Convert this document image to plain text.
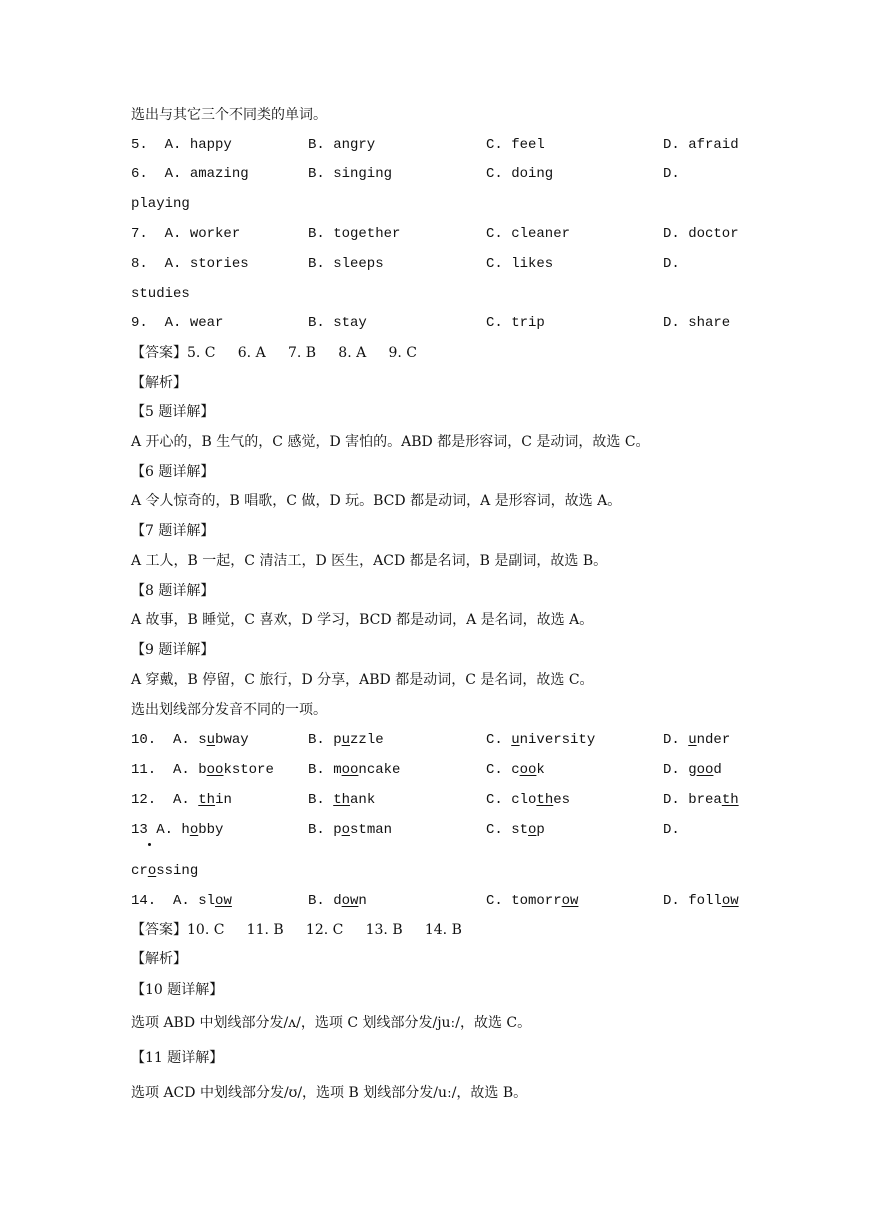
选出与其它三个不同类的单词。
5. A. happy	B. angry	C. feel	D. afraid
6. A. amazing	B. singing	C. doing	D.
playing
7. A. worker	B. together	C. cleaner	D. doctor
8. A. stories	B. sleeps	C. likes	D.
studies
9. A. wear	B. stay	C. trip	D. share
【答案】5. C     6. A     7. B     8. A     9. C
【解析】
【5 题详解】
A 开心的，B 生气的，C 感觉，D 害怕的。ABD 都是形容词，C 是动词，故选 C。
【6 题详解】
A 令人惊奇的，B 唱歌，C 做，D 玩。BCD 都是动词，A 是形容词，故选 A。
【7 题详解】
A 工人，B 一起，C 清洁工，D 医生，ACD 都是名词，B 是副词，故选 B。
【8 题详解】
A 故事，B 睡觉，C 喜欢，D 学习，BCD 都是动词，A 是名词，故选 A。
【9 题详解】
A 穿戴，B 停留，C 旅行，D 分享，ABD 都是动词，C 是名词，故选 C。
选出划线部分发音不同的一项。
10. A. subway	B. puzzle	C. university	D. under
11. A. bookstore B. mooncake	C. cook	D. good
12. A. thin	B. thank	C. clothes	D. breath
13 A. hobby	B. postman	C. stop	D.
crossing
14. A. slow	B. down	C. tomorrow	D. follow
【答案】10. C     11. B     12. C     13. B     14. B
【解析】
【10 题详解】
选项 ABD 中划线部分发/ʌ/，选项 C 划线部分发/juː/，故选 C。
【11 题详解】
选项 ACD 中划线部分发/ʊ/，选项 B 划线部分发/uː/，故选 B。
